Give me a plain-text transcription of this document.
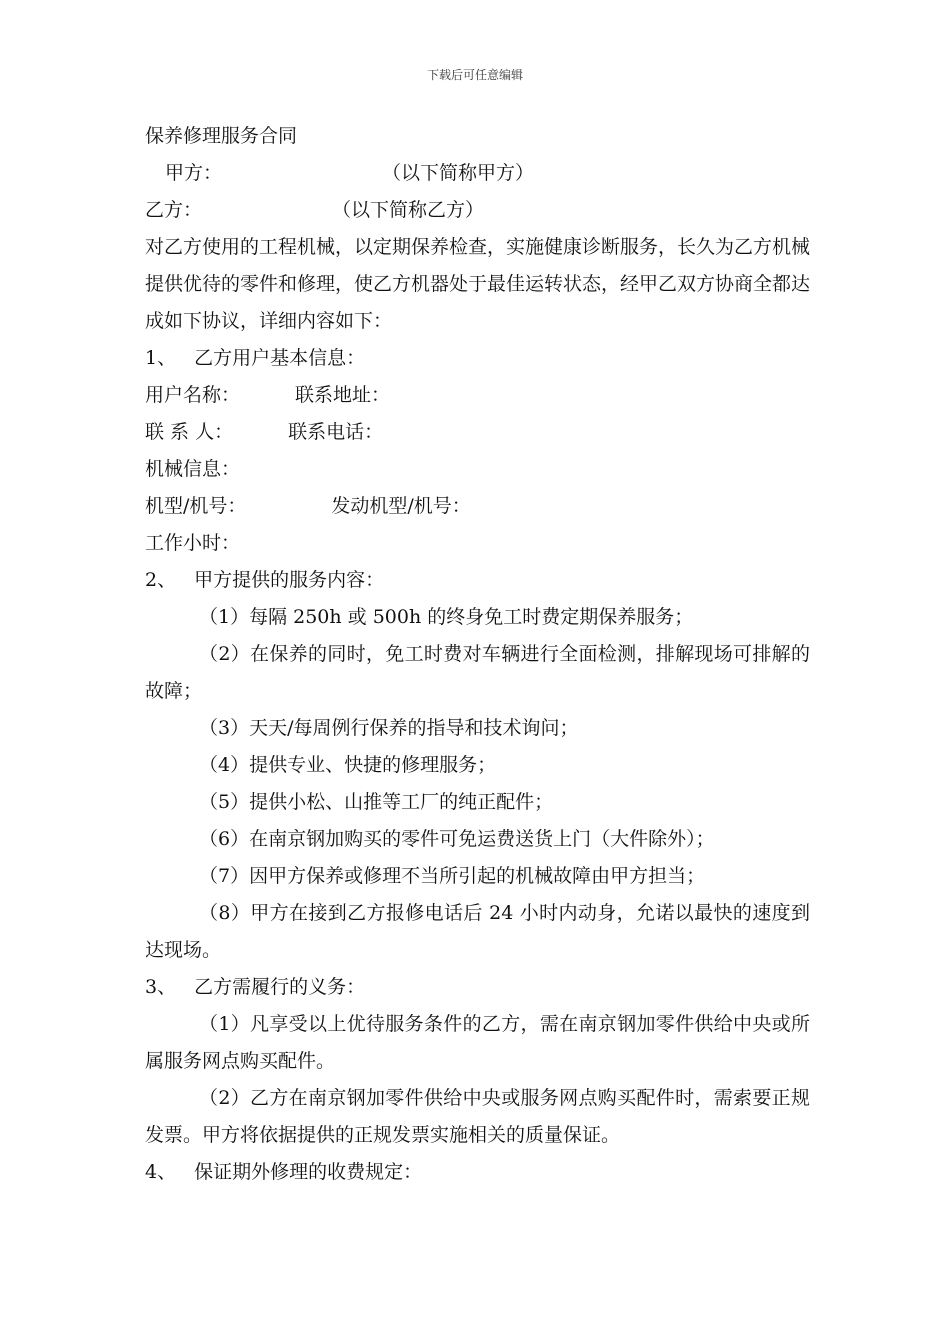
下载后可任意编辑
保养修理服务合同
甲方：	（以下简称甲方）
乙方：	（以下简称乙方）
对乙方使用的工程机械，以定期保养检查，实施健康诊断服务，长久为乙方机械提供优待的零件和修理，使乙方机器处于最佳运转状态，经甲乙双方协商全都达成如下协议，详细内容如下：
1、 乙方用户基本信息：
用户名称：	联系地址：
联 系 人：	联系电话：
机械信息：
机型/机号：	发动机型/机号：
工作小时：
2、 甲方提供的服务内容：
（1）每隔 250h 或 500h 的终身免工时费定期保养服务；
（2）在保养的同时，免工时费对车辆进行全面检测，排解现场可排解的故障；
（3）天天/每周例行保养的指导和技术询问；
（4）提供专业、快捷的修理服务；
（5）提供小松、山推等工厂的纯正配件；
（6）在南京钢加购买的零件可免运费送货上门（大件除外）；
（7）因甲方保养或修理不当所引起的机械故障由甲方担当；
（8）甲方在接到乙方报修电话后 24 小时内动身，允诺以最快的速度到达现场。
3、 乙方需履行的义务：
（1）凡享受以上优待服务条件的乙方，需在南京钢加零件供给中央或所属服务网点购买配件。
（2）乙方在南京钢加零件供给中央或服务网点购买配件时，需索要正规发票。甲方将依据提供的正规发票实施相关的质量保证。
4、 保证期外修理的收费规定：
